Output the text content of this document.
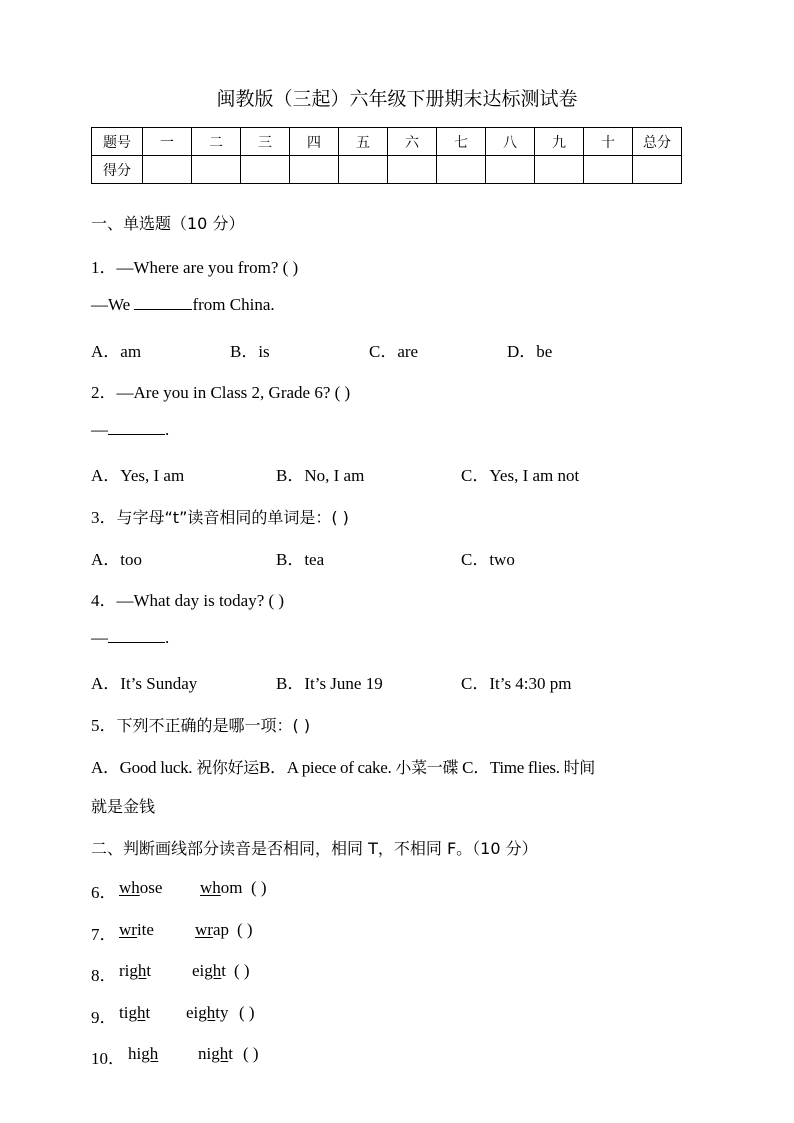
闽教版（三起）六年级下册期末达标测试卷
题号	一	二	三	四	五	六	七	八	九	十	总分
得分											
一、单选题（10 分）
1．—Where are you from? ( )
—We	from China.
A．am	B．is	C．are	D．be
2．—Are you in Class 2, Grade 6? ( )
—	.
A．Yes, I am	B．No, I am	C．Yes, I am not
3．与字母“t”读音相同的单词是：( )
A．too	B．tea	C．two
4．—What day is today? ( )
—	.
A．It’s Sunday	B．It’s June 19	C．It’s 4:30 pm
5．下列不正确的是哪一项：( )
A．Good luck. 祝你好运B．A piece of cake. 小菜一碟 C．Time flies. 时间
就是金钱
二、判断画线部分读音是否相同，相同 T，不相同 F。（10 分）
6． whose whom ( )
7． write wrap ( )
8． right eight ( )
9． tight eighty ( )
10． high night ( )
